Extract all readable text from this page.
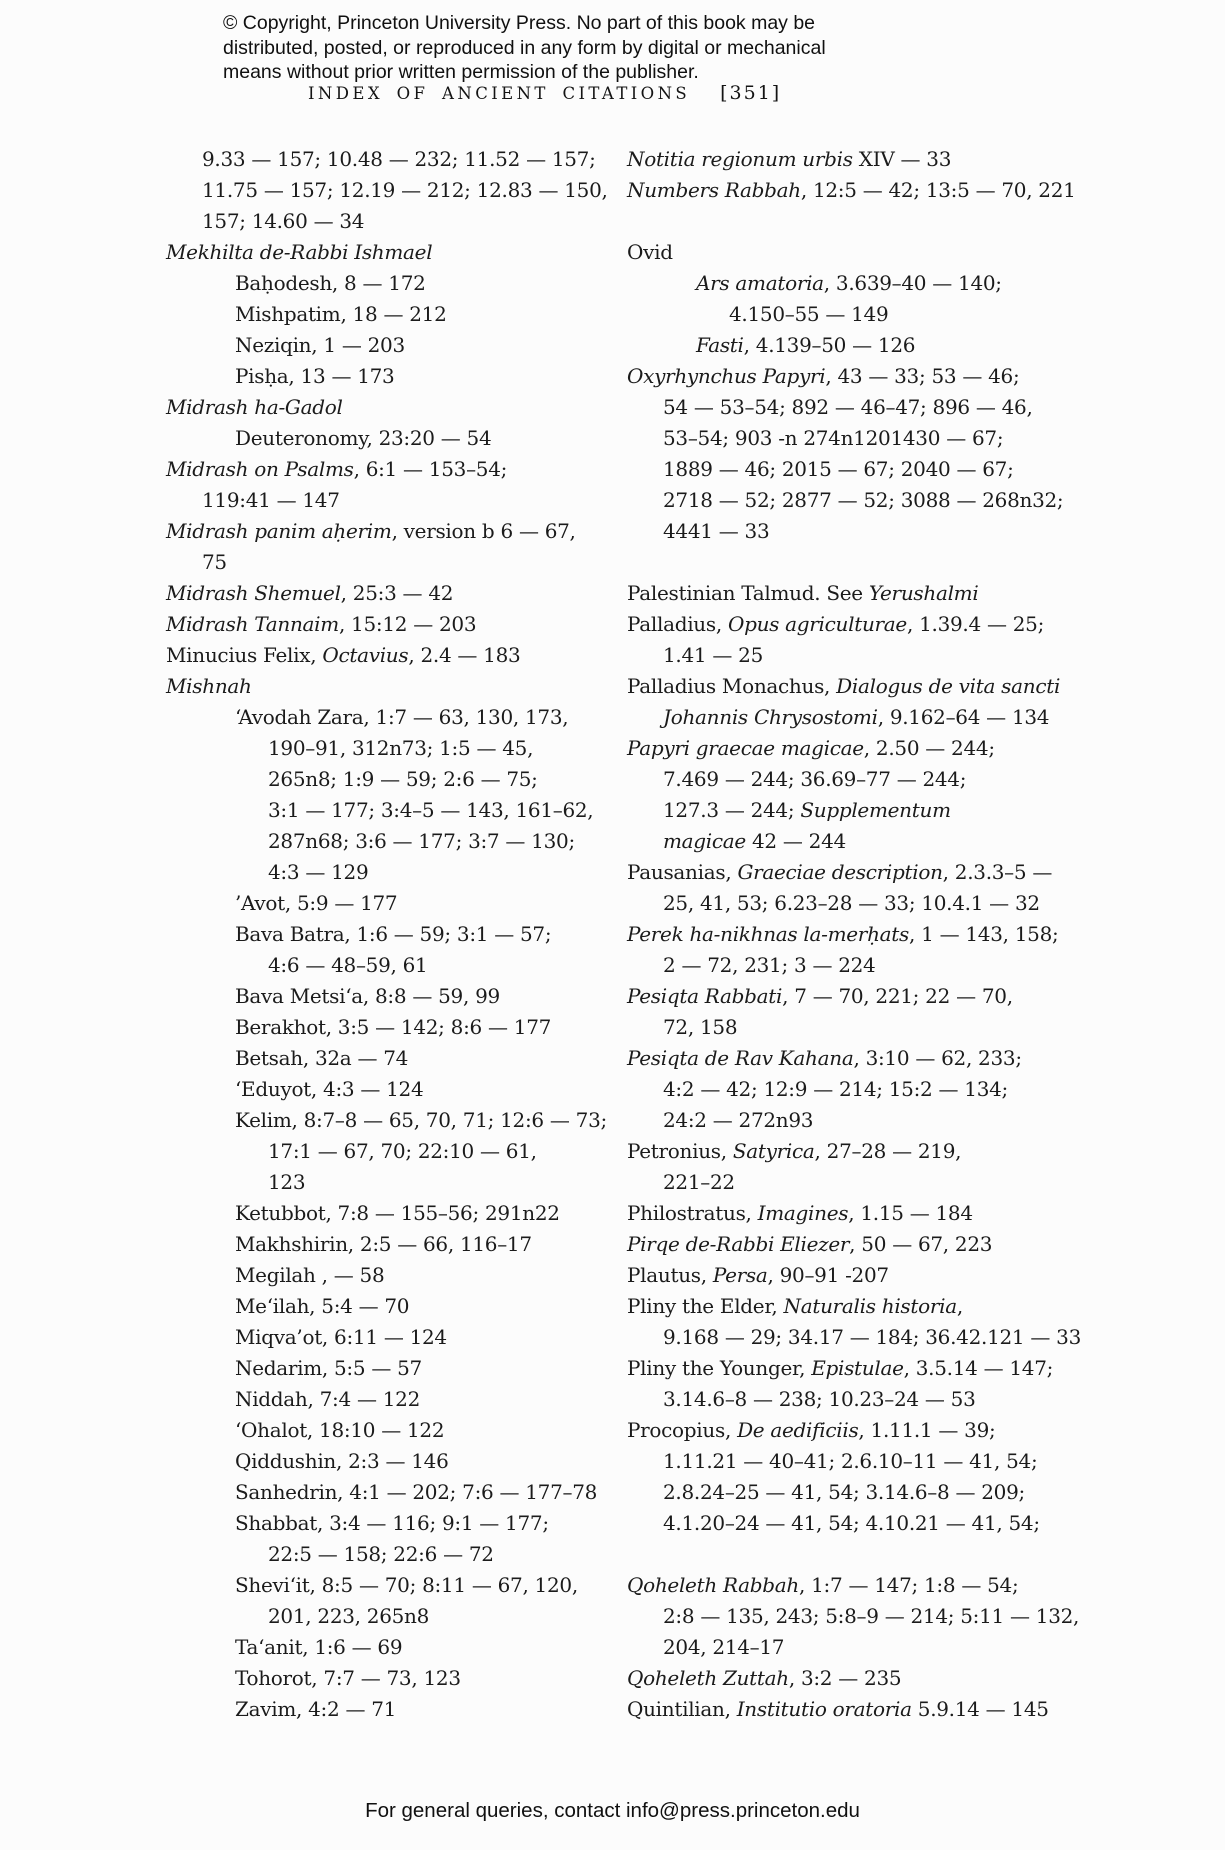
© Copyright, Princeton University Press. No part of this book may be
distributed, posted, or reproduced in any form by digital or mechanical
means without prior written permission of the publisher.
INDEX OF ANCIENT CITATIONS [351]
9.33 — 157; 10.48 — 232; 11.52 — 157;
11.75 — 157; 12.19 — 212; 12.83 — 150,
157; 14.60 — 34
Mekhilta de-Rabbi Ishmael
Baḥodesh, 8 — 172
Mishpatim, 18 — 212
Neziqin, 1 — 203
Pisḥa, 13 — 173
Midrash ha-Gadol
Deuteronomy, 23:20 — 54
Midrash on Psalms, 6:1 — 153–54;
119:41 — 147
Midrash panim aḥerim, version b 6 — 67,
75
Midrash Shemuel, 25:3 — 42
Midrash Tannaim, 15:12 — 203
Minucius Felix, Octavius, 2.4 — 183
Mishnah
‘Avodah Zara, 1:7 — 63, 130, 173,
190–91, 312n73; 1:5 — 45,
265n8; 1:9 — 59; 2:6 — 75;
3:1 — 177; 3:4–5 — 143, 161–62,
287n68; 3:6 — 177; 3:7 — 130;
4:3 — 129
’Avot, 5:9 — 177
Bava Batra, 1:6 — 59; 3:1 — 57;
4:6 — 48–59, 61
Bava Metsi‘a, 8:8 — 59, 99
Berakhot, 3:5 — 142; 8:6 — 177
Betsah, 32a — 74
‘Eduyot, 4:3 — 124
Kelim, 8:7–8 — 65, 70, 71; 12:6 — 73;
17:1 — 67, 70; 22:10 — 61,
123
Ketubbot, 7:8 — 155–56; 291n22
Makhshirin, 2:5 — 66, 116–17
Megilah , — 58
Me‘ilah, 5:4 — 70
Miqva’ot, 6:11 — 124
Nedarim, 5:5 — 57
Niddah, 7:4 — 122
‘Ohalot, 18:10 — 122
Qiddushin, 2:3 — 146
Sanhedrin, 4:1 — 202; 7:6 — 177–78
Shabbat, 3:4 — 116; 9:1 — 177;
22:5 — 158; 22:6 — 72
Shevi‘it, 8:5 — 70; 8:11 — 67, 120,
201, 223, 265n8
Ta‘anit, 1:6 — 69
Tohorot, 7:7 — 73, 123
Zavim, 4:2 — 71
Notitia regionum urbis XIV — 33
Numbers Rabbah, 12:5 — 42; 13:5 — 70, 221
Ovid
Ars amatoria, 3.639–40 — 140;
4.150–55 — 149
Fasti, 4.139–50 — 126
Oxyrhynchus Papyri, 43 — 33; 53 — 46;
54 — 53–54; 892 — 46–47; 896 — 46,
53–54; 903 -n 274n1201430 — 67;
1889 — 46; 2015 — 67; 2040 — 67;
2718 — 52; 2877 — 52; 3088 — 268n32;
4441 — 33
Palestinian Talmud. See Yerushalmi
Palladius, Opus agriculturae, 1.39.4 — 25;
1.41 — 25
Palladius Monachus, Dialogus de vita sancti
Johannis Chrysostomi, 9.162–64 — 134
Papyri graecae magicae, 2.50 — 244;
7.469 — 244; 36.69–77 — 244;
127.3 — 244; Supplementum
magicae 42 — 244
Pausanias, Graeciae description, 2.3.3–5 —
25, 41, 53; 6.23–28 — 33; 10.4.1 — 32
Perek ha-nikhnas la-merḥats, 1 — 143, 158;
2 — 72, 231; 3 — 224
Pesiqta Rabbati, 7 — 70, 221; 22 — 70,
72, 158
Pesiqta de Rav Kahana, 3:10 — 62, 233;
4:2 — 42; 12:9 — 214; 15:2 — 134;
24:2 — 272n93
Petronius, Satyrica, 27–28 — 219,
221–22
Philostratus, Imagines, 1.15 — 184
Pirqe de-Rabbi Eliezer, 50 — 67, 223
Plautus, Persa, 90–91 -207
Pliny the Elder, Naturalis historia,
9.168 — 29; 34.17 — 184; 36.42.121 — 33
Pliny the Younger, Epistulae, 3.5.14 — 147;
3.14.6–8 — 238; 10.23–24 — 53
Procopius, De aedificiis, 1.11.1 — 39;
1.11.21 — 40–41; 2.6.10–11 — 41, 54;
2.8.24–25 — 41, 54; 3.14.6–8 — 209;
4.1.20–24 — 41, 54; 4.10.21 — 41, 54;
Qoheleth Rabbah, 1:7 — 147; 1:8 — 54;
2:8 — 135, 243; 5:8–9 — 214; 5:11 — 132,
204, 214–17
Qoheleth Zuttah, 3:2 — 235
Quintilian, Institutio oratoria 5.9.14 — 145
For general queries, contact info@press.princeton.edu
